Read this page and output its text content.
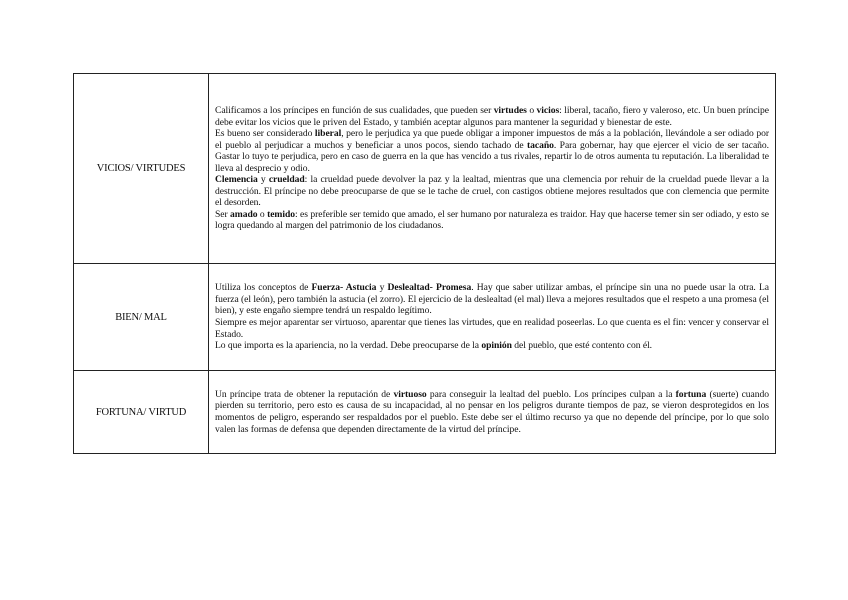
VICIOS/ VIRTUDES	Calificamos a los príncipes en función de sus cualidades, que pueden ser virtudes o vicios: liberal, tacaño, fiero y valeroso, etc. Un buen príncipe debe evitar los vicios que le priven del Estado, y también aceptar algunos para mantener la seguridad y bienestar de este.

Es bueno ser considerado liberal, pero le perjudica ya que puede obligar a imponer impuestos de más a la población, llevándole a ser odiado por el pueblo al perjudicar a muchos y beneficiar a unos pocos, siendo tachado de tacaño. Para gobernar, hay que ejercer el vicio de ser tacaño. Gastar lo tuyo te perjudica, pero en caso de guerra en la que has vencido a tus rivales, repartir lo de otros aumenta tu reputación. La liberalidad te lleva al desprecio y odio.

Clemencia y crueldad: la crueldad puede devolver la paz y la lealtad, mientras que una clemencia por rehuir de la crueldad puede llevar a la destrucción. El príncipe no debe preocuparse de que se le tache de cruel, con castigos obtiene mejores resultados que con clemencia que permite el desorden.

Ser amado o temido: es preferible ser temido que amado, el ser humano por naturaleza es traidor. Hay que hacerse temer sin ser odiado, y esto se logra quedando al margen del patrimonio de los ciudadanos.

BIEN/ MAL	Utiliza los conceptos de Fuerza- Astucia y Deslealtad- Promesa. Hay que saber utilizar ambas, el príncipe sin una no puede usar la otra. La fuerza (el león), pero también la astucia (el zorro). El ejercicio de la deslealtad (el mal) lleva a mejores resultados que el respeto a una promesa (el bien), y este engaño siempre tendrá un respaldo legítimo.

Siempre es mejor aparentar ser virtuoso, aparentar que tienes las virtudes, que en realidad poseerlas. Lo que cuenta es el fin: vencer y conservar el Estado.

Lo que importa es la apariencia, no la verdad. Debe preocuparse de la opinión del pueblo, que esté contento con él.

FORTUNA/ VIRTUD	Un príncipe trata de obtener la reputación de virtuoso para conseguir la lealtad del pueblo. Los príncipes culpan a la fortuna (suerte) cuando pierden su territorio, pero esto es causa de su incapacidad, al no pensar en los peligros durante tiempos de paz, se vieron desprotegidos en los momentos de peligro, esperando ser respaldados por el pueblo. Este debe ser el último recurso ya que no depende del príncipe, por lo que solo valen las formas de defensa que dependen directamente de la virtud del príncipe.
